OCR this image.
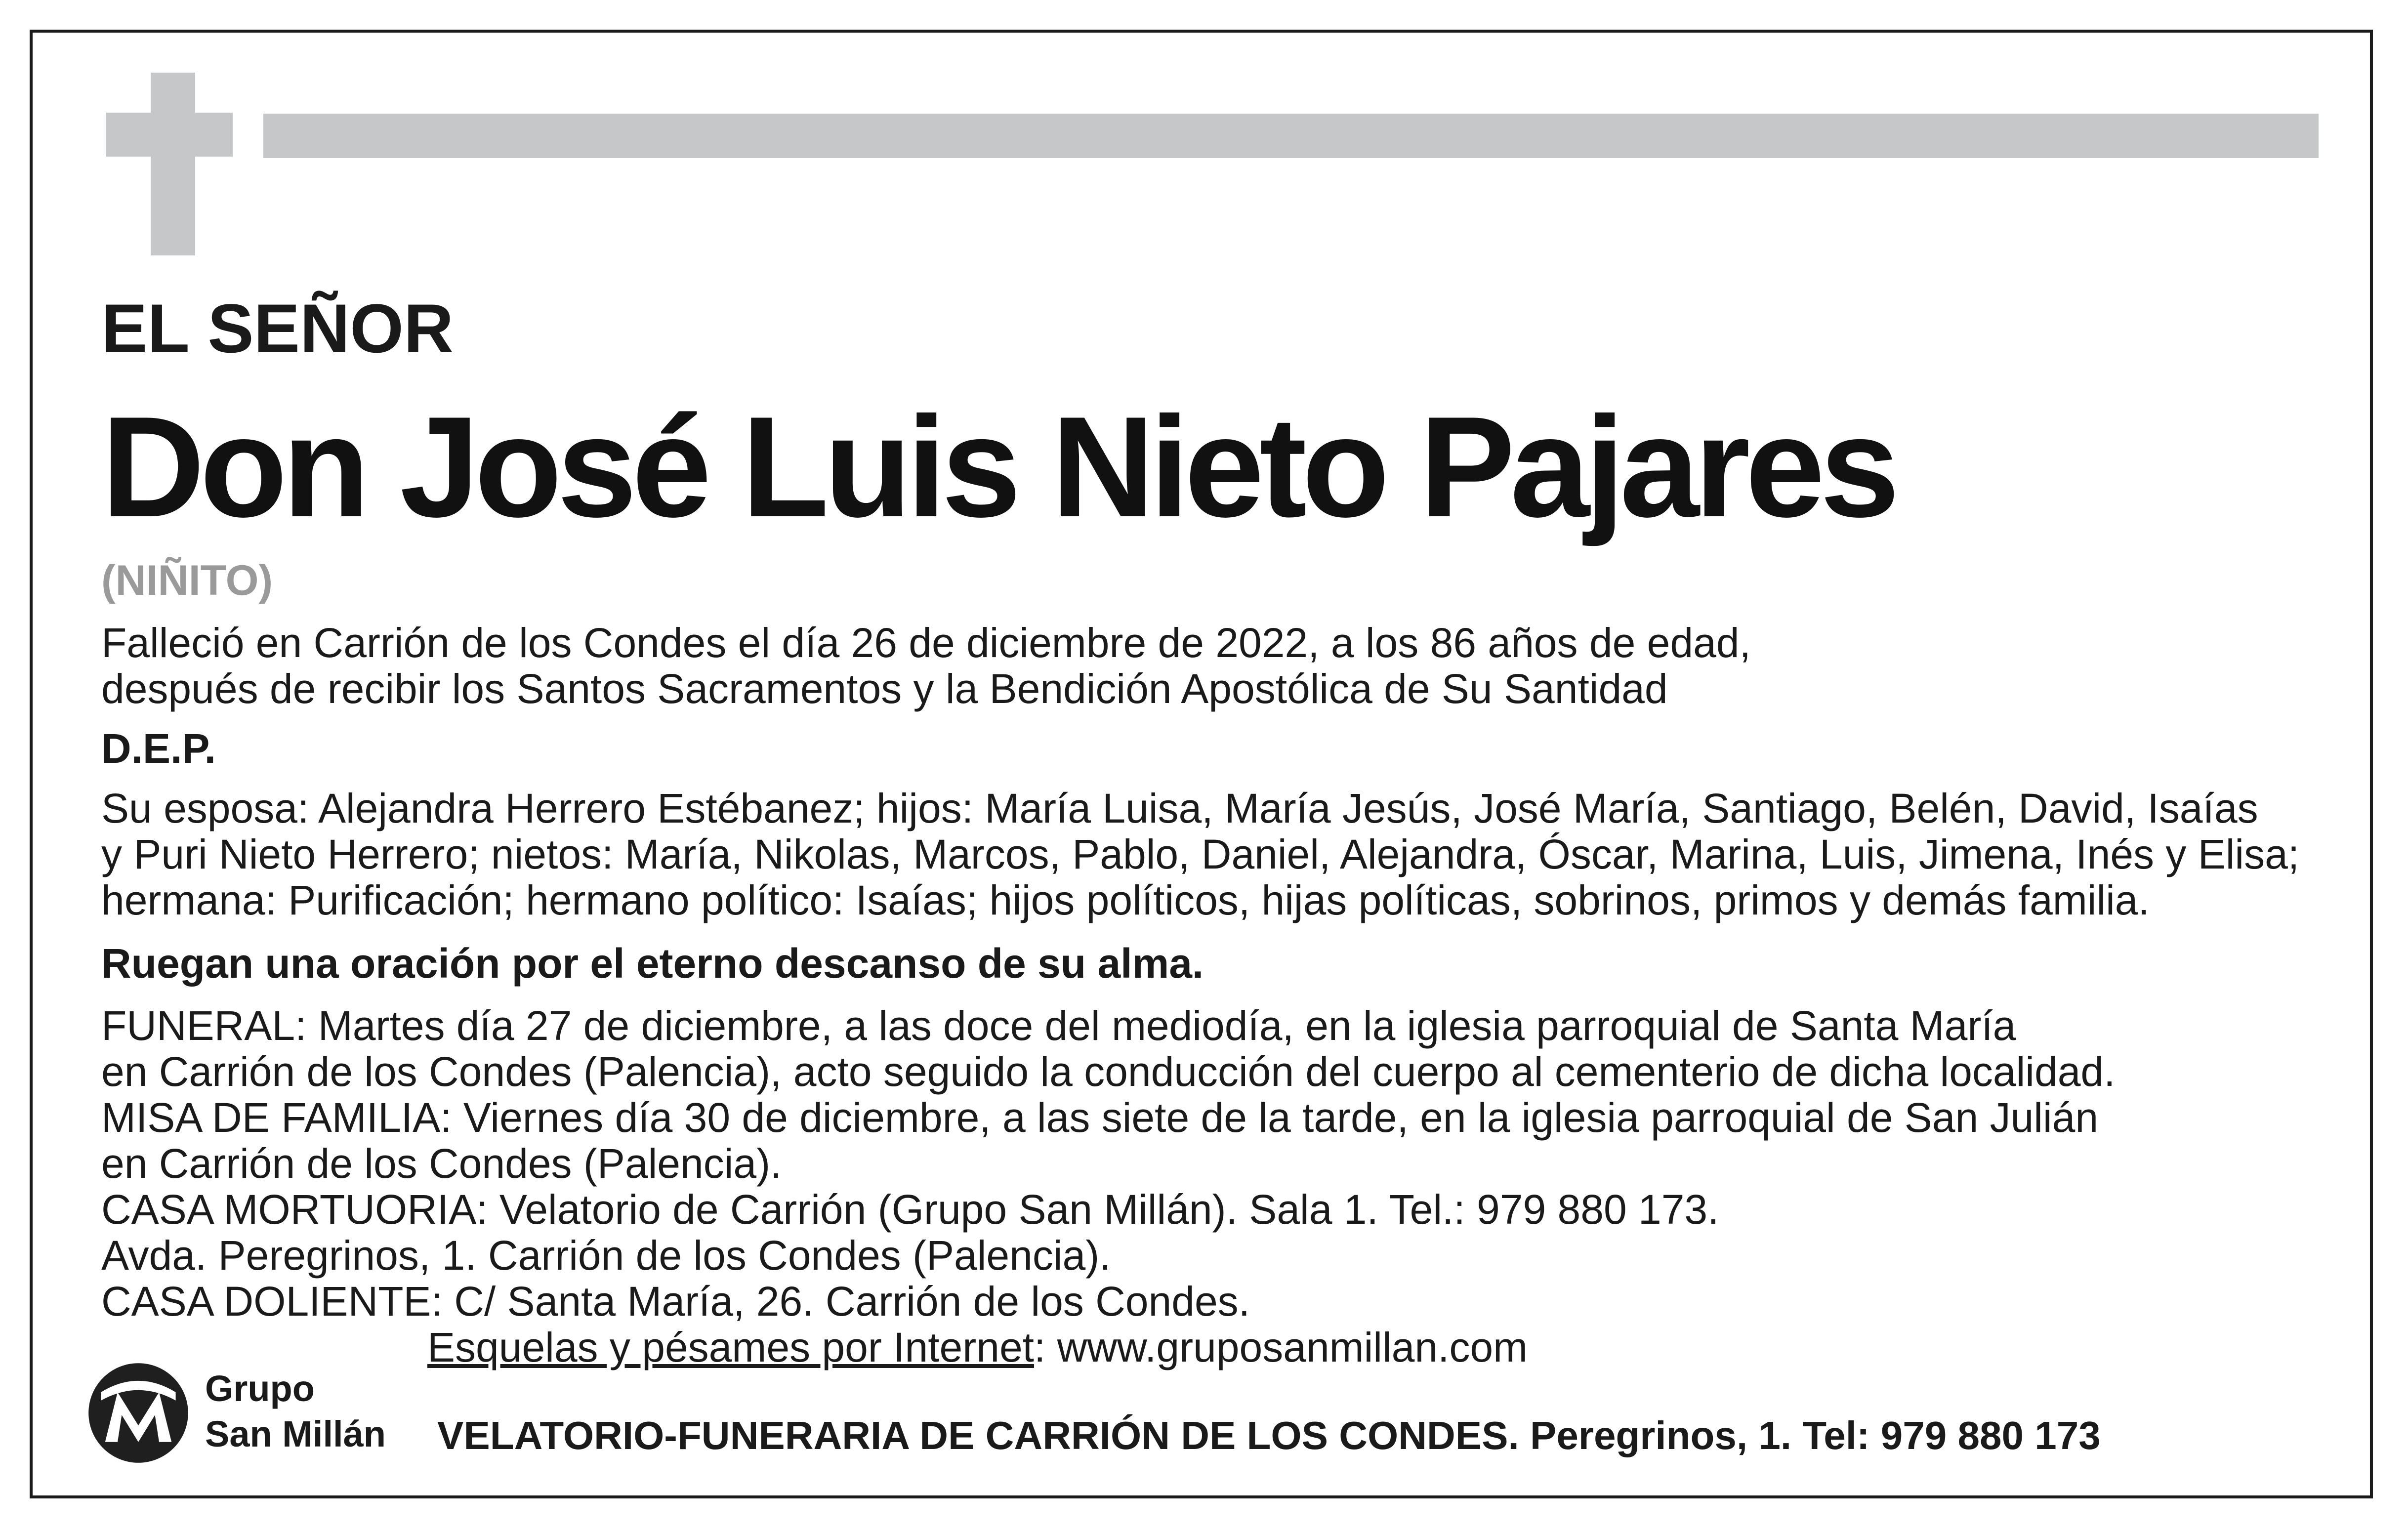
EL SEÑOR
Don José Luis Nieto Pajares
(NIÑITO)
Falleció en Carrión de los Condes el día 26 de diciembre de 2022, a los 86 años de edad,
después de recibir los Santos Sacramentos y la Bendición Apostólica de Su Santidad
D.E.P.
Su esposa: Alejandra Herrero Estébanez; hijos: María Luisa, María Jesús, José María, Santiago, Belén, David, Isaías
y Puri Nieto Herrero; nietos: María, Nikolas, Marcos, Pablo, Daniel, Alejandra, Óscar, Marina, Luis, Jimena, Inés y Elisa;
hermana: Purificación; hermano político: Isaías; hijos políticos, hijas políticas, sobrinos, primos y demás familia.
Ruegan una oración por el eterno descanso de su alma.
FUNERAL: Martes día 27 de diciembre, a las doce del mediodía, en la iglesia parroquial de Santa María
en Carrión de los Condes (Palencia), acto seguido la conducción del cuerpo al cementerio de dicha localidad.
MISA DE FAMILIA: Viernes día 30 de diciembre, a las siete de la tarde, en la iglesia parroquial de San Julián
en Carrión de los Condes (Palencia).
CASA MORTUORIA: Velatorio de Carrión (Grupo San Millán). Sala 1. Tel.: 979 880 173.
Avda. Peregrinos, 1. Carrión de los Condes (Palencia).
CASA DOLIENTE: C/ Santa María, 26. Carrión de los Condes.
Esquelas y pésames por Internet: www.gruposanmillan.com
Grupo
San Millán VELATORIO-FUNERARIA DE CARRIÓN DE LOS CONDES. Peregrinos, 1. Tel: 979 880 173
